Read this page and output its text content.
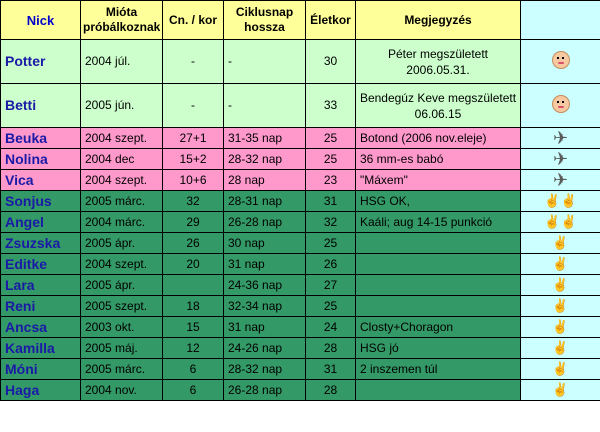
Nick	Mióta próbálkoznak	Cn. / kor	Ciklusnap hossza	Életkor	Megjegyzés	
Potter	2004 júl.	-	-	30	Péter megszületett 2006.05.31.	
Betti	2005 jún.	-	-	33	Bendegúz Keve megszületett 06.06.15	
Beuka	2004 szept.	27+1	31-35 nap	25	Botond (2006 nov.eleje)	✈
Nolina	2004 dec	15+2	28-32 nap	25	36 mm-es babó	✈
Vica	2004 szept.	10+6	28 nap	23	"Máxem"	✈
Sonjus	2005 márc.	32	28-31 nap	31	HSG OK,	✌✌
Angel	2004 márc.	29	26-28 nap	32	Kaáli; aug 14-15 punkció	✌✌
Zsuzska	2005 ápr.	26	30 nap	25		✌
Editke	2004 szept.	20	31 nap	26		✌
Lara	2005 ápr.		24-36 nap	27		✌
Reni	2005 szept.	18	32-34 nap	25		✌
Ancsa	2003 okt.	15	31 nap	24	Closty+Choragon	✌
Kamilla	2005 máj.	12	24-26 nap	28	HSG jó	✌
Móni	2005 márc.	6	28-32 nap	31	2 inszemen túl	✌
Haga	2004 nov.	6	26-28 nap	28		✌
